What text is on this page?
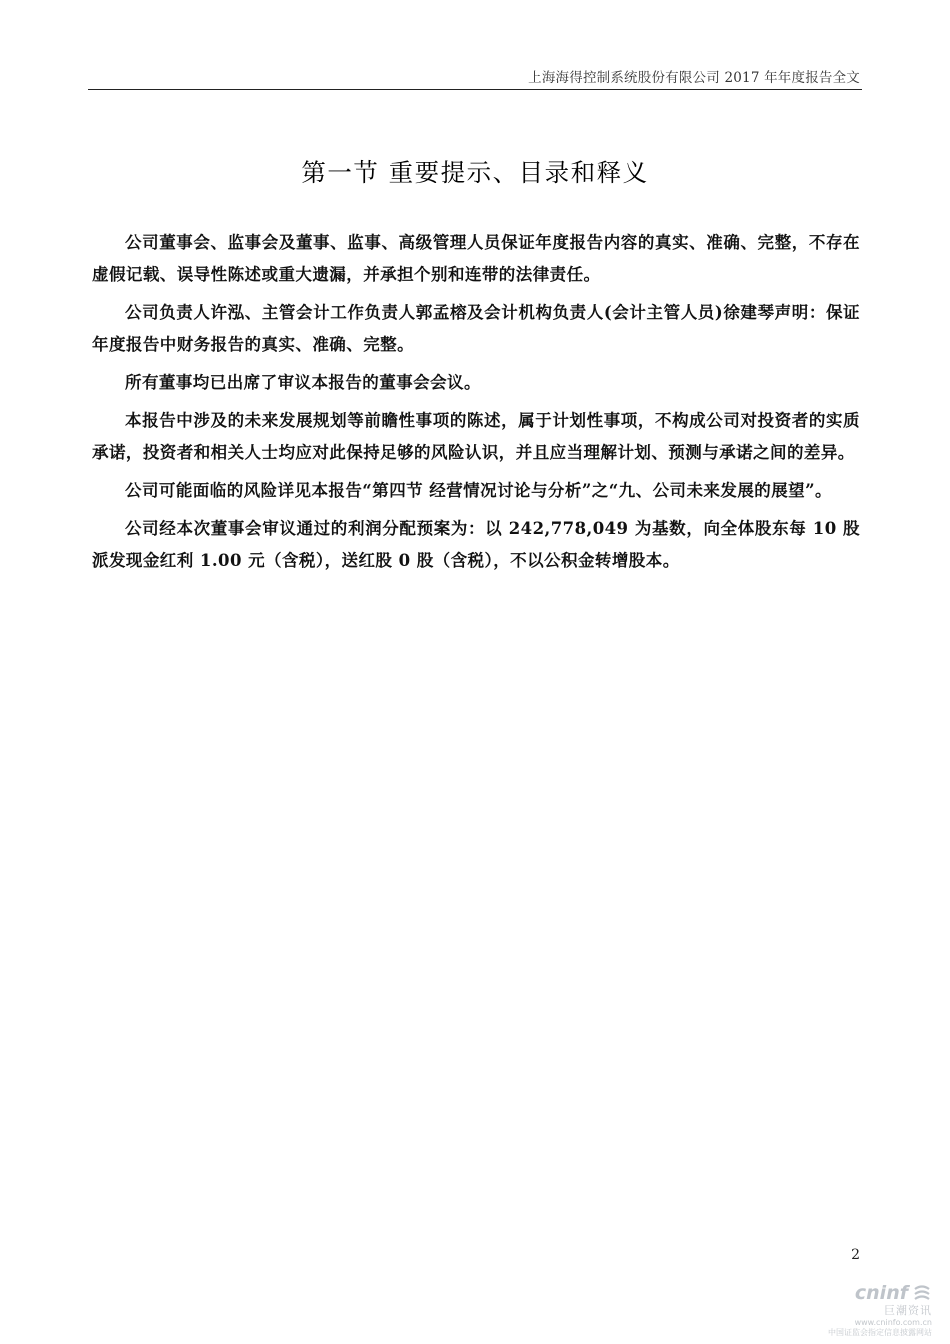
上海海得控制系统股份有限公司 2017 年年度报告全文
第一节 重要提示、目录和释义

公司董事会、监事会及董事、监事、高级管理人员保证年度报告内容的真实、准确、完整，不存在虚假记载、误导性陈述或重大遗漏，并承担个别和连带的法律责任。

公司负责人许泓、主管会计工作负责人郭孟榕及会计机构负责人(会计主管人员)徐建琴声明：保证年度报告中财务报告的真实、准确、完整。

所有董事均已出席了审议本报告的董事会会议。

本报告中涉及的未来发展规划等前瞻性事项的陈述，属于计划性事项，不构成公司对投资者的实质承诺，投资者和相关人士均应对此保持足够的风险认识，并且应当理解计划、预测与承诺之间的差异。

公司可能面临的风险详见本报告“第四节 经营情况讨论与分析”之“九、公司未来发展的展望”。

公司经本次董事会审议通过的利润分配预案为：以 242,778,049 为基数，向全体股东每 10 股派发现金红利 1.00 元（含税），送红股 0 股（含税），不以公积金转增股本。

2
cninf
巨潮资讯
www.cninfo.com.cn
中国证监会指定信息披露网站
